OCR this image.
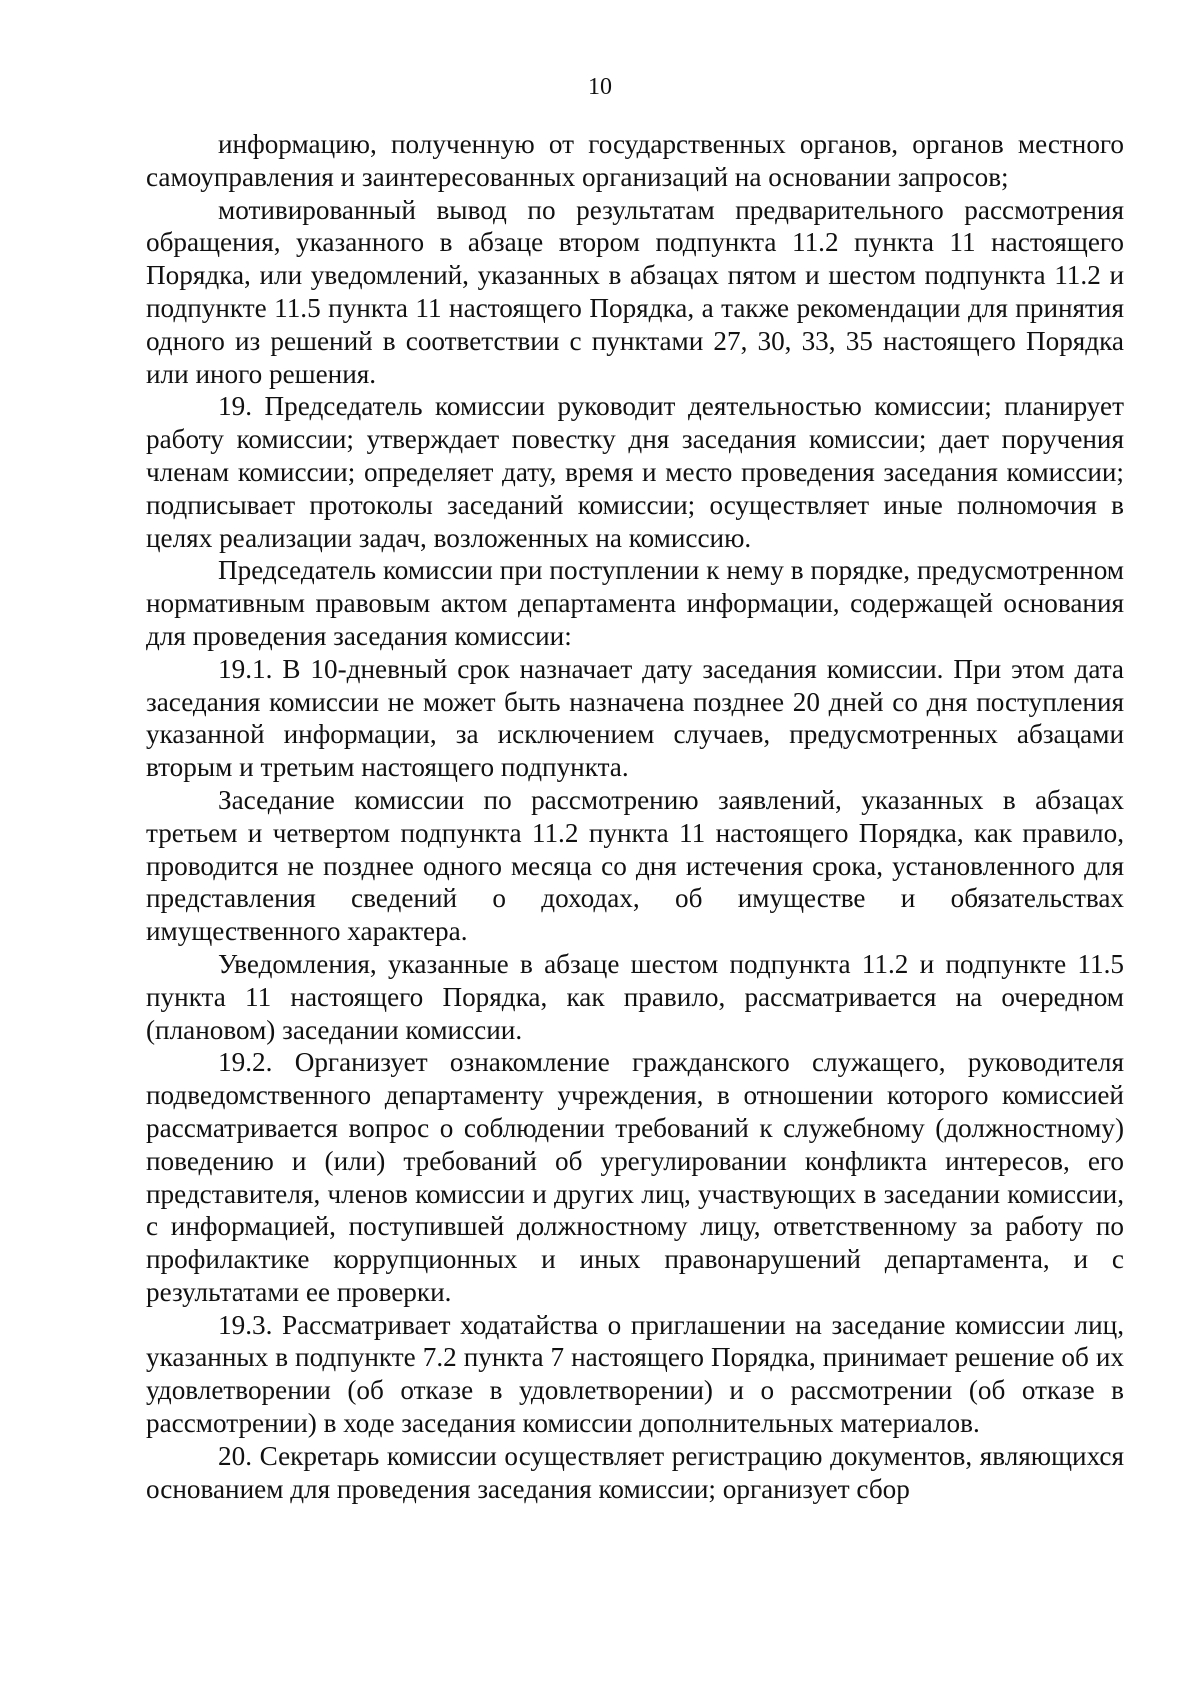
10

информацию, полученную от государственных органов, органов местного самоуправления и заинтересованных организаций на основании запросов;

мотивированный вывод по результатам предварительного рассмотрения обращения, указанного в абзаце втором подпункта 11.2 пункта 11 настоящего Порядка, или уведомлений, указанных в абзацах пятом и шестом подпункта 11.2 и подпункте 11.5 пункта 11 настоящего Порядка, а также рекомендации для принятия одного из решений в соответствии с пунктами 27, 30, 33, 35 настоящего Порядка или иного решения.

19. Председатель комиссии руководит деятельностью комиссии; планирует работу комиссии; утверждает повестку дня заседания комиссии; дает поручения членам комиссии; определяет дату, время и место проведения заседания комиссии; подписывает протоколы заседаний комиссии; осуществляет иные полномочия в целях реализации задач, возложенных на комиссию.

Председатель комиссии при поступлении к нему в порядке, предусмотренном нормативным правовым актом департамента информации, содержащей основания для проведения заседания комиссии:

19.1. В 10-дневный срок назначает дату заседания комиссии. При этом дата заседания комиссии не может быть назначена позднее 20 дней со дня поступления указанной информации, за исключением случаев, предусмотренных абзацами вторым и третьим настоящего подпункта.

Заседание комиссии по рассмотрению заявлений, указанных в абзацах третьем и четвертом подпункта 11.2 пункта 11 настоящего Порядка, как правило, проводится не позднее одного месяца со дня истечения срока, установленного для представления сведений о доходах, об имуществе и обязательствах имущественного характера.

Уведомления, указанные в абзаце шестом подпункта 11.2 и подпункте 11.5 пункта 11 настоящего Порядка, как правило, рассматривается на очередном (плановом) заседании комиссии.

19.2. Организует ознакомление гражданского служащего, руководителя подведомственного департаменту учреждения, в отношении которого комиссией рассматривается вопрос о соблюдении требований к служебному (должностному) поведению и (или) требований об урегулировании конфликта интересов, его представителя, членов комиссии и других лиц, участвующих в заседании комиссии, с информацией, поступившей должностному лицу, ответственному за работу по профилактике коррупционных и иных правонарушений департамента, и с результатами ее проверки.

19.3. Рассматривает ходатайства о приглашении на заседание комиссии лиц, указанных в подпункте 7.2 пункта 7 настоящего Порядка, принимает решение об их удовлетворении (об отказе в удовлетворении) и о рассмотрении (об отказе в рассмотрении) в ходе заседания комиссии дополнительных материалов.

20. Секретарь комиссии осуществляет регистрацию документов, являющихся основанием для проведения заседания комиссии; организует сбор
